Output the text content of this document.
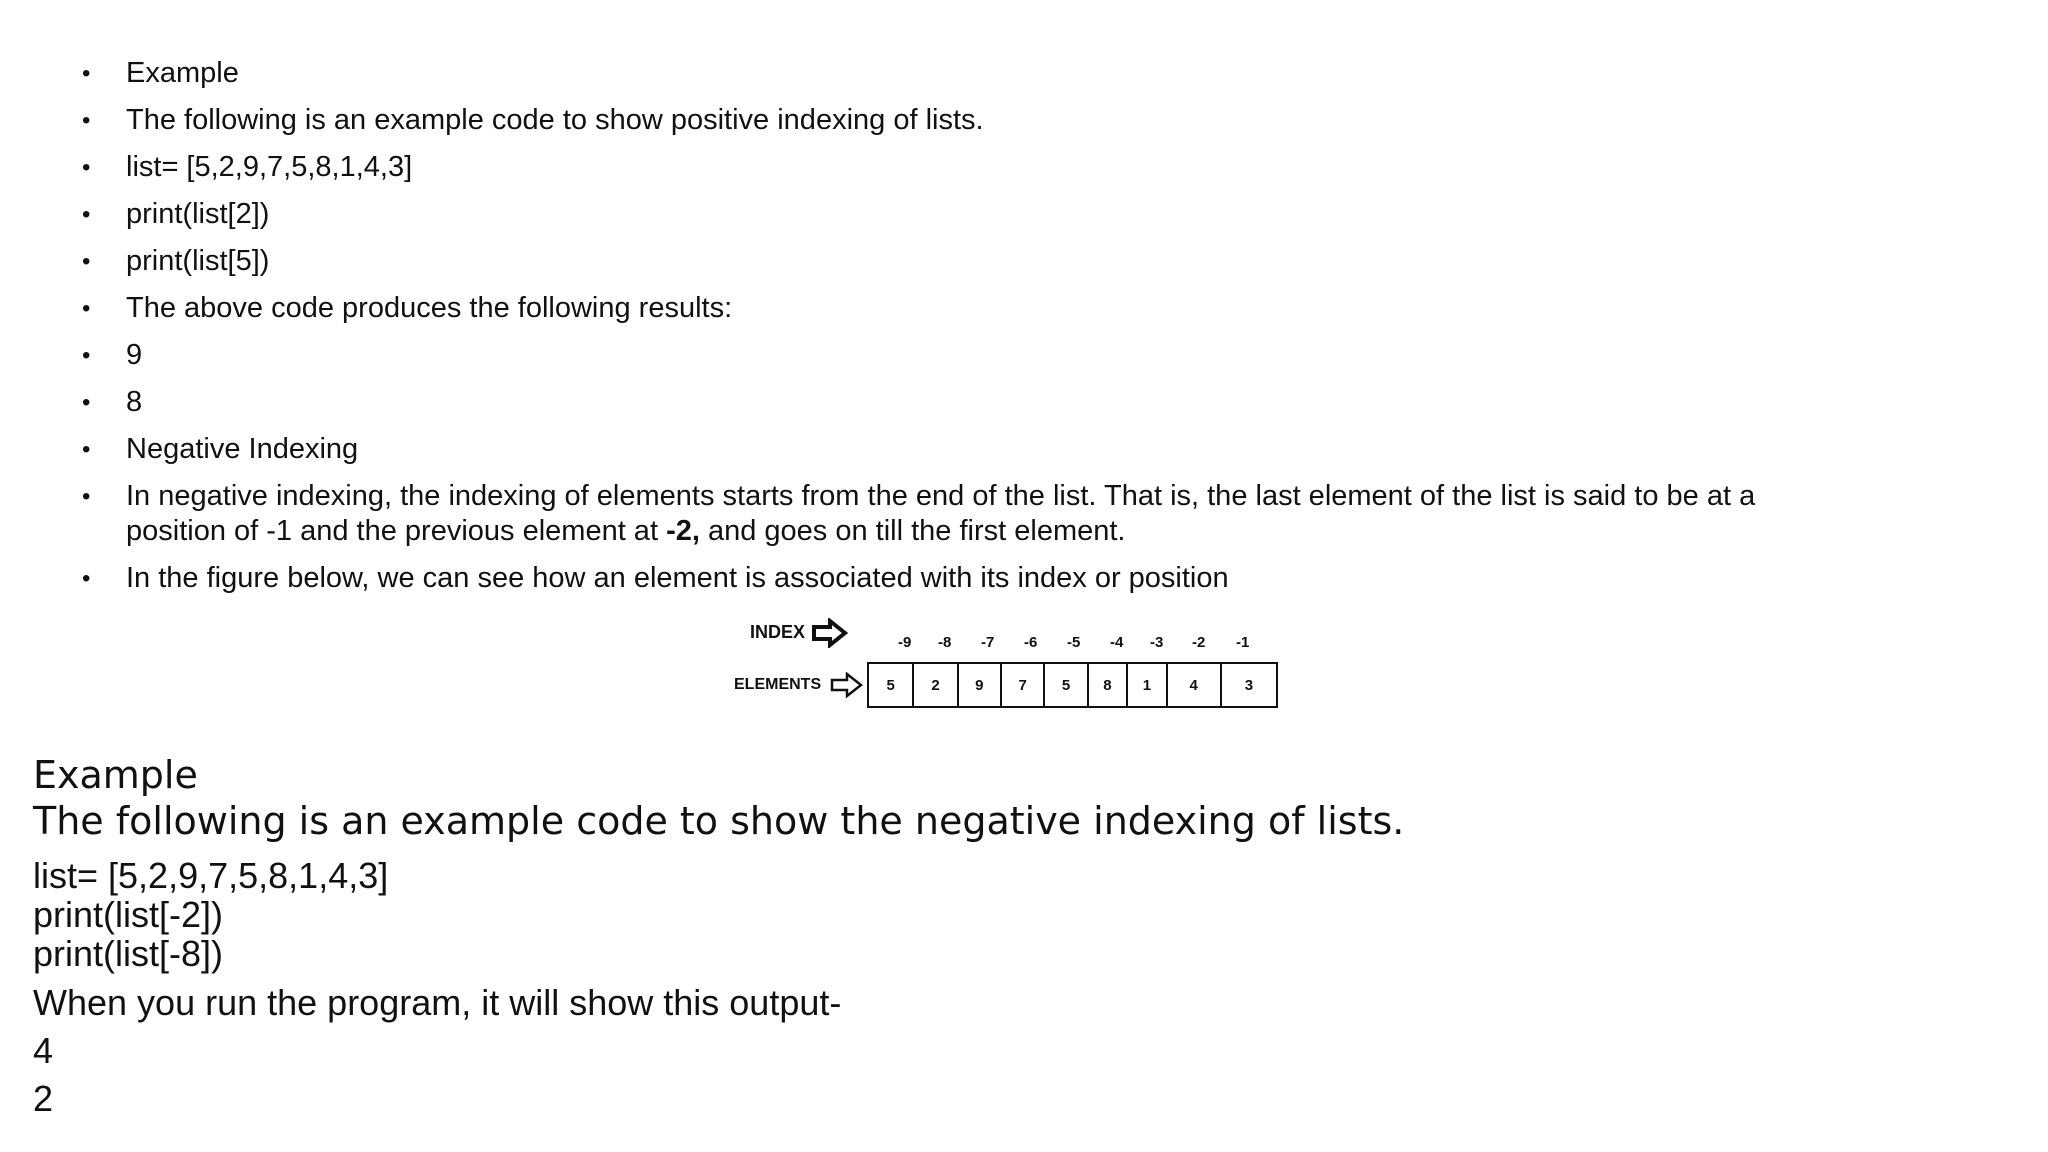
• Example
• The following is an example code to show positive indexing of lists.
• list= [5,2,9,7,5,8,1,4,3]
• print(list[2])
• print(list[5])
• The above code produces the following results:
• 9
• 8
• Negative Indexing
• In negative indexing, the indexing of elements starts from the end of the list. That is, the last element of the list is said to be at a position of -1 and the previous element at -2, and goes on till the first element.
• In the figure below, we can see how an element is associated with its index or position
INDEX
ELEMENTS
-9 -8 -7 -6 -5 -4 -3 -2 -1
5	2	9	7	5	8	1	4	3

Example

The following is an example code to show the negative indexing of lists.

list= [5,2,9,7,5,8,1,4,3]

print(list[-2])

print(list[-8])

When you run the program, it will show this output-

4

2
